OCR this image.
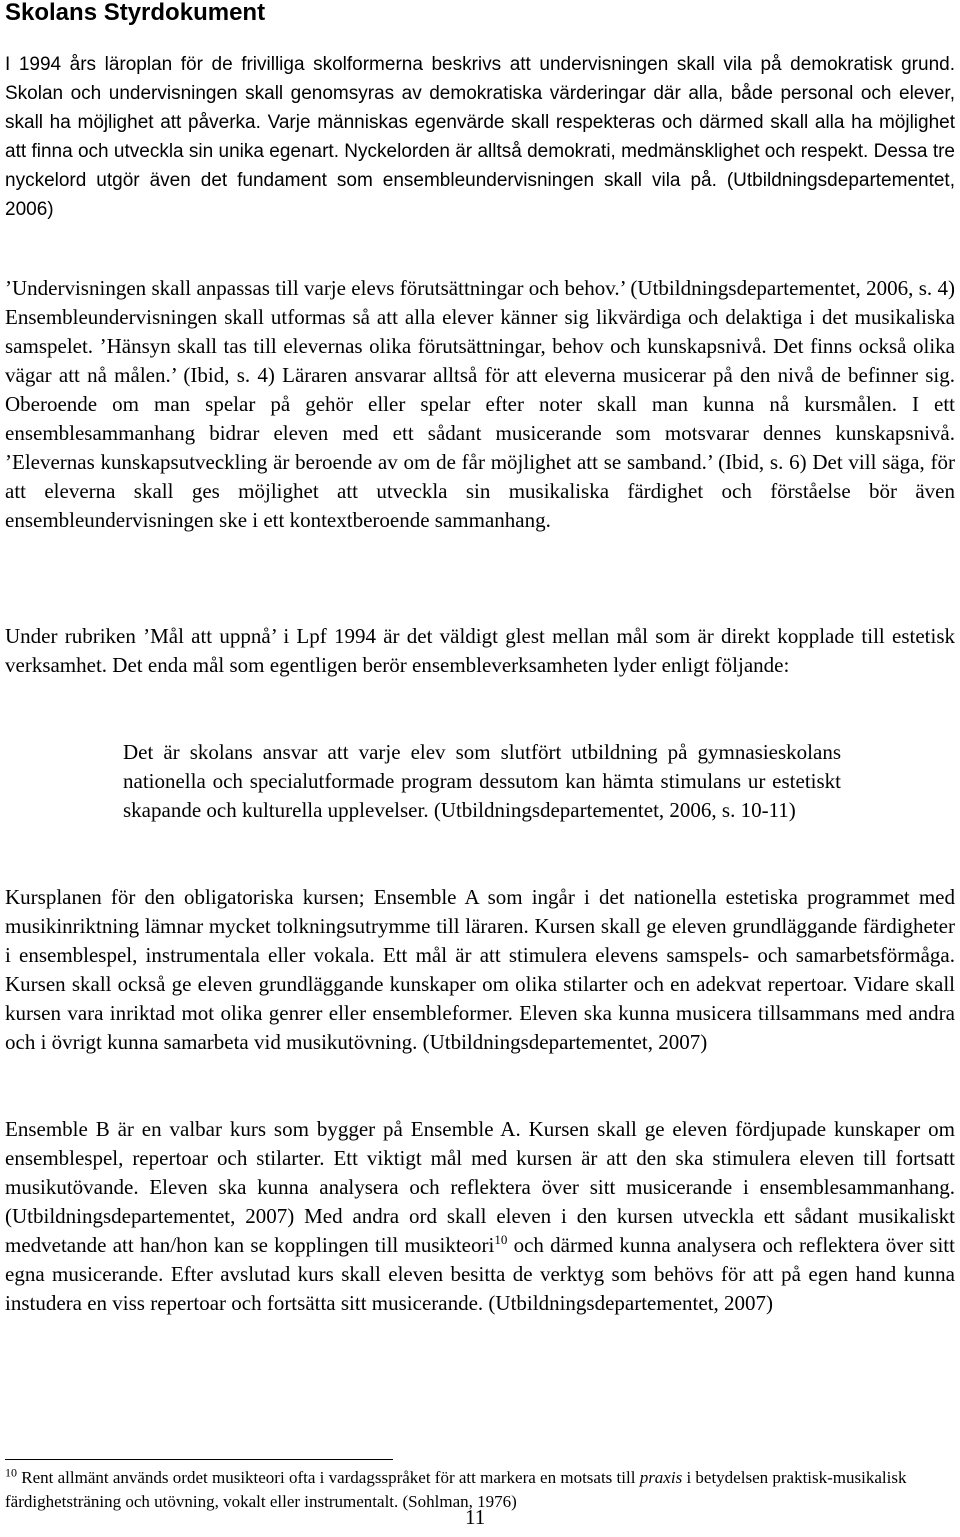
Skolans Styrdokument

I 1994 års läroplan för de frivilliga skolformerna beskrivs att undervisningen skall vila på demokratisk grund. Skolan och undervisningen skall genomsyras av demokratiska värderingar där alla, både personal och elever, skall ha möjlighet att påverka. Varje människas egenvärde skall respekteras och därmed skall alla ha möjlighet att finna och utveckla sin unika egenart. Nyckelorden är alltså demokrati, medmänsklighet och respekt. Dessa tre nyckelord utgör även det fundament som ensembleundervisningen skall vila på. (Utbildningsdepartementet, 2006)

’Undervisningen skall anpassas till varje elevs förutsättningar och behov.’ (Utbildningsdepartementet, 2006, s. 4) Ensembleundervisningen skall utformas så att alla elever känner sig likvärdiga och delaktiga i det musikaliska samspelet. ’Hänsyn skall tas till elevernas olika förutsättningar, behov och kunskapsnivå. Det finns också olika vägar att nå målen.’ (Ibid, s. 4) Läraren ansvarar alltså för att eleverna musicerar på den nivå de befinner sig. Oberoende om man spelar på gehör eller spelar efter noter skall man kunna nå kursmålen. I ett ensemblesammanhang bidrar eleven med ett sådant musicerande som motsvarar dennes kunskapsnivå. ’Elevernas kunskapsutveckling är beroende av om de får möjlighet att se samband.’ (Ibid, s. 6) Det vill säga, för att eleverna skall ges möjlighet att utveckla sin musikaliska färdighet och förståelse bör även ensembleundervisningen ske i ett kontextberoende sammanhang.

Under rubriken ’Mål att uppnå’ i Lpf 1994 är det väldigt glest mellan mål som är direkt kopplade till estetisk verksamhet. Det enda mål som egentligen berör ensembleverksamheten lyder enligt följande:

Det är skolans ansvar att varje elev som slutfört utbildning på gymnasieskolans nationella och specialutformade program dessutom kan hämta stimulans ur estetiskt skapande och kulturella upplevelser. (Utbildningsdepartementet, 2006, s. 10-11)

Kursplanen för den obligatoriska kursen; Ensemble A som ingår i det nationella estetiska programmet med musikinriktning lämnar mycket tolkningsutrymme till läraren. Kursen skall ge eleven grundläggande färdigheter i ensemblespel, instrumentala eller vokala. Ett mål är att stimulera elevens samspels- och samarbetsförmåga. Kursen skall också ge eleven grundläggande kunskaper om olika stilarter och en adekvat repertoar. Vidare skall kursen vara inriktad mot olika genrer eller ensembleformer. Eleven ska kunna musicera tillsammans med andra och i övrigt kunna samarbeta vid musikutövning. (Utbildningsdepartementet, 2007)

Ensemble B är en valbar kurs som bygger på Ensemble A. Kursen skall ge eleven fördjupade kunskaper om ensemblespel, repertoar och stilarter. Ett viktigt mål med kursen är att den ska stimulera eleven till fortsatt musikutövande. Eleven ska kunna analysera och reflektera över sitt musicerande i ensemblesammanhang. (Utbildningsdepartementet, 2007) Med andra ord skall eleven i den kursen utveckla ett sådant musikaliskt medvetande att han/hon kan se kopplingen till musikteori$^{10}$ och därmed kunna analysera och reflektera över sitt egna musicerande. Efter avslutad kurs skall eleven besitta de verktyg som behövs för att på egen hand kunna instudera en viss repertoar och fortsätta sitt musicerande. (Utbildningsdepartementet, 2007)

$^{10}$ Rent allmänt används ordet musikteori ofta i vardagsspråket för att markera en motsats till praxis i betydelsen praktisk-musikalisk färdighetsträning och utövning, vokalt eller instrumentalt. (Sohlman, 1976)

11
